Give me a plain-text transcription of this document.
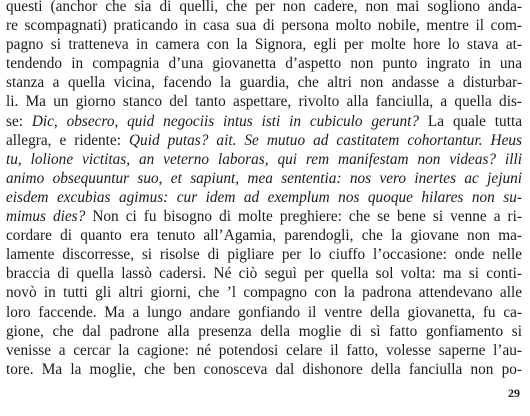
questi (anchor che sia di quelli, che per non cadere, non mai sogliono anda-
re scompagnati) praticando in casa sua di persona molto nobile, mentre il com-
pagno si tratteneva in camera con la Signora, egli per molte hore lo stava at-
tendendo in compagnia d’una giovanetta d’aspetto non punto ingrato in una
stanza a quella vicina, facendo la guardia, che altri non andasse a disturbar-
li. Ma un giorno stanco del tanto aspettare, rivolto alla fanciulla, a quella dis-
se: Dic, obsecro, quid negociis intus isti in cubiculo gerunt? La quale tutta
allegra, e ridente: Quid putas? ait. Se mutuo ad castitatem cohortantur. Heus
tu, lolione victitas, an veterno laboras, qui rem manifestam non videas? illi
animo obsequuntur suo, et sapiunt, mea sententia: nos vero inertes ac jejuni
eisdem excubias agimus: cur idem ad exemplum nos quoque hilares non su-
mimus dies? Non ci fu bisogno di molte preghiere: che se bene si venne a ri-
cordare di quanto era tenuto all’Agamia, parendogli, che la giovane non ma-
lamente discorresse, si risolse di pigliare per lo ciuffo l’occasione: onde nelle
braccia di quella lassò cadersi. Né ciò seguì per quella sol volta: ma si conti-
novò in tutti gli altri giorni, che ’l compagno con la padrona attendevano alle
loro faccende. Ma a lungo andare gonfiando il ventre della giovanetta, fu ca-
gione, che dal padrone alla presenza della moglie di sì fatto gonfiamento si
venisse a cercar la cagione: né potendosi celare il fatto, volesse saperne l’au-
tore. Ma la moglie, che ben conosceva dal dishonore della fanciulla non po-
29
